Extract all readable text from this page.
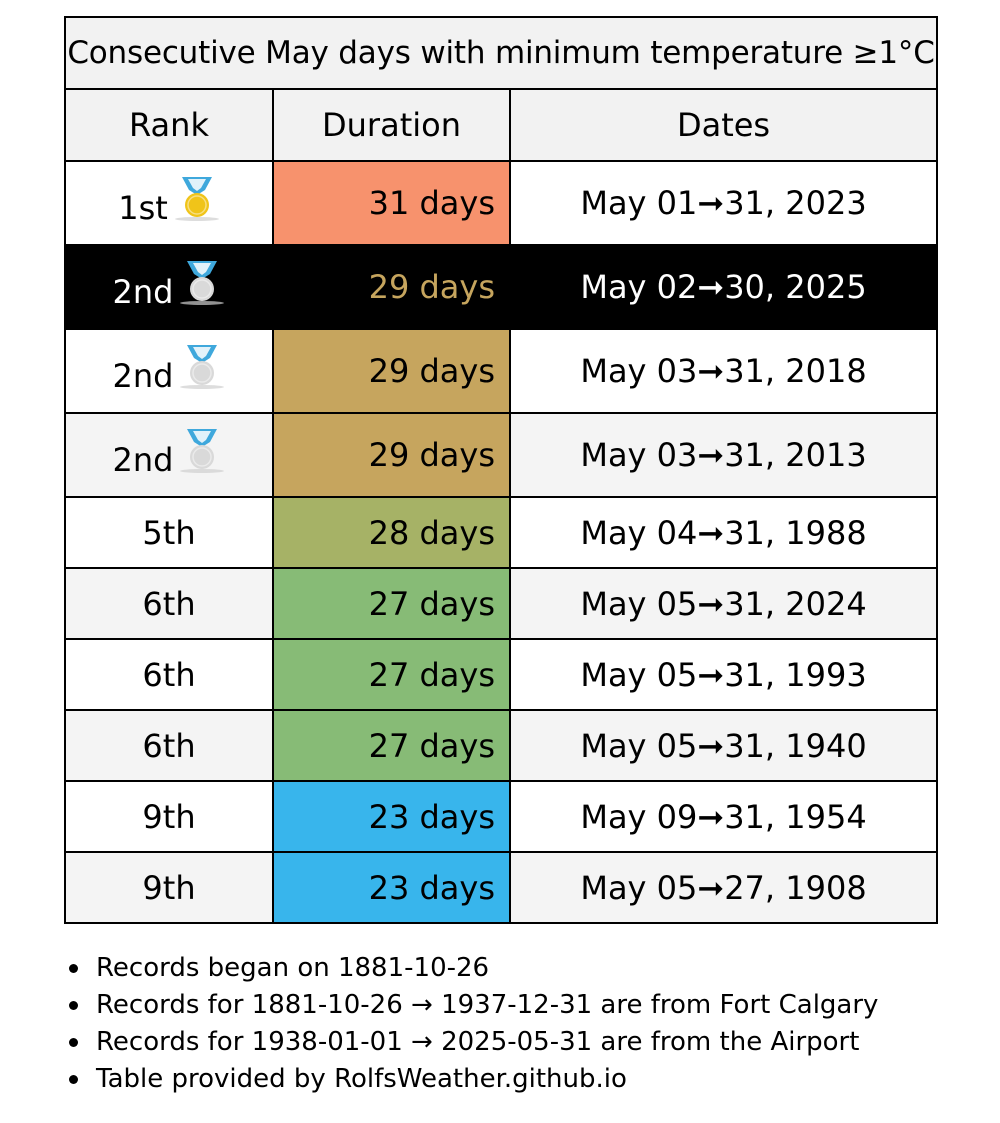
Consecutive May days with minimum temperature ≥1°C		
Rank	Duration	Dates
1st	31 days	May 01➞31, 2023
2nd	29 days	May 02➞30, 2025
2nd	29 days	May 03➞31, 2018
2nd	29 days	May 03➞31, 2013
5th	28 days	May 04➞31, 1988
6th	27 days	May 05➞31, 2024
6th	27 days	May 05➞31, 1993
6th	27 days	May 05➞31, 1940
9th	23 days	May 09➞31, 1954
9th	23 days	May 05➞27, 1908
Records began on 1881-10-26
Records for 1881-10-26 → 1937-12-31 are from Fort Calgary
Records for 1938-01-01 → 2025-05-31 are from the Airport
Table provided by RolfsWeather.github.io
